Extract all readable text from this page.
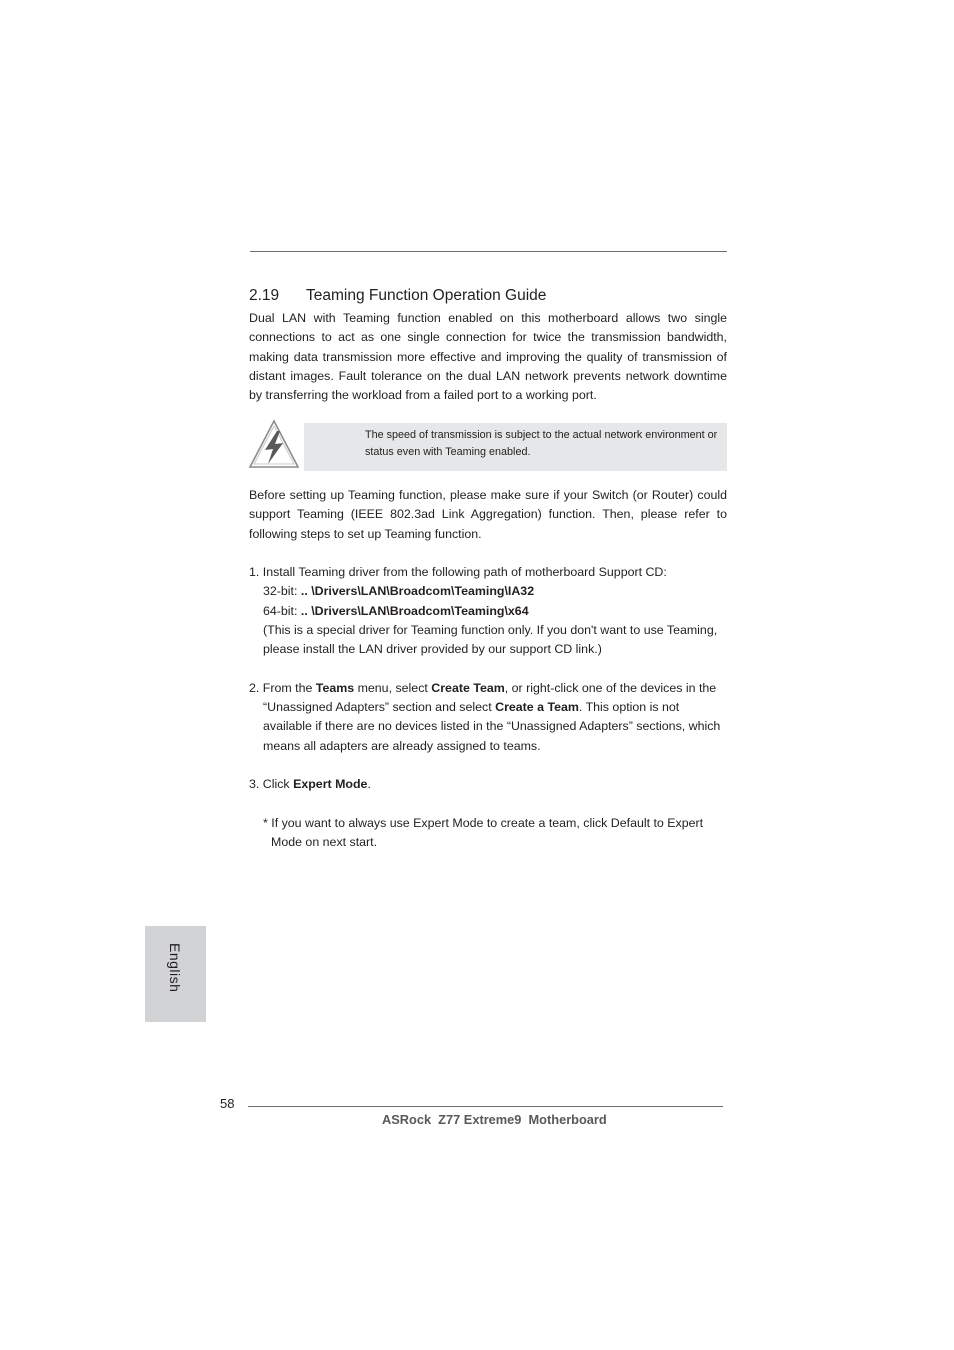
2.19 Teaming Function Operation Guide
Dual LAN with Teaming function enabled on this motherboard allows two single connections to act as one single connection for twice the transmission bandwidth, making data transmission more effective and improving the quality of transmission of distant images. Fault tolerance on the dual LAN network prevents network downtime by transferring the workload from a failed port to a working port.
The speed of transmission is subject to the actual network environment or status even with Teaming enabled.
Before setting up Teaming function, please make sure if your Switch (or Router) could support Teaming (IEEE 802.3ad Link Aggregation) function. Then, please refer to following steps to set up Teaming function.
1. Install Teaming driver from the following path of motherboard Support CD:
32-bit: .. \Drivers\LAN\Broadcom\Teaming\IA32
64-bit: .. \Drivers\LAN\Broadcom\Teaming\x64
(This is a special driver for Teaming function only. If you don't want to use Teaming, please install the LAN driver provided by our support CD link.)
2. From the Teams menu, select Create Team, or right-click one of the devices in the “Unassigned Adapters” section and select Create a Team. This option is not available if there are no devices listed in the “Unassigned Adapters” sections, which means all adapters are already assigned to teams.
3. Click Expert Mode.
* If you want to always use Expert Mode to create a team, click Default to Expert Mode on next start.
English
58
ASRock  Z77 Extreme9  Motherboard
